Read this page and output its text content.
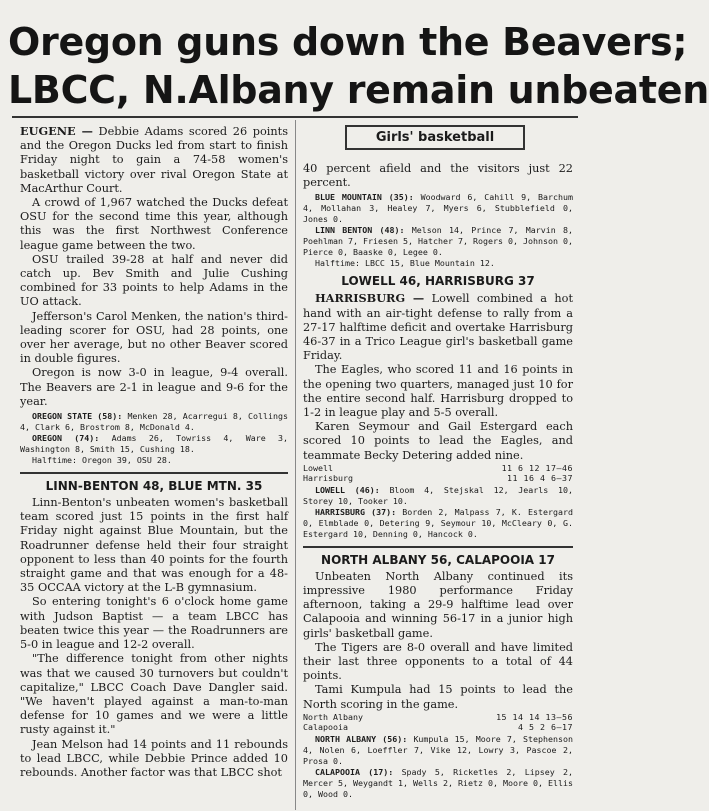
Oregon guns down the Beavers;
LBCC, N.Albany remain unbeaten
Girls' basketball

EUGENE — Debbie Adams scored 26 points and the Oregon Ducks led from start to finish Friday night to gain a 74-58 women's basketball victory over rival Oregon State at MacArthur Court.

A crowd of 1,967 watched the Ducks defeat OSU for the second time this year, although this was the first Northwest Conference league game between the two.

OSU trailed 39-28 at half and never did catch up. Bev Smith and Julie Cushing combined for 33 points to help Adams in the UO attack.

Jefferson's Carol Menken, the nation's third-leading scorer for OSU, had 28 points, one over her average, but no other Beaver scored in double figures.

Oregon is now 3-0 in league, 9-4 overall. The Beavers are 2-1 in league and 9-6 for the year.

OREGON STATE (58): Menken 28, Acarregui 8, Collings 4, Clark 6, Brostrom 8, McDonald 4.
OREGON (74): Adams 26, Towriss 4, Ware 3, Washington 8, Smith 15, Cushing 18.
Halftime: Oregon 39, OSU 28.
LINN-BENTON 48, BLUE MTN. 35

Linn-Benton's unbeaten women's basketball team scored just 15 points in the first half Friday night against Blue Mountain, but the Roadrunner defense held their four straight opponent to less than 40 points for the fourth straight game and that was enough for a 48-35 OCCAA victory at the L-B gymnasium.

So entering tonight's 6 o'clock home game with Judson Baptist — a team LBCC has beaten twice this year — the Roadrunners are 5-0 in league and 12-2 overall.

"The difference tonight from other nights was that we caused 30 turnovers but couldn't capitalize," LBCC Coach Dave Dangler said. "We haven't played against a man-to-man defense for 10 games and we were a little rusty against it."

Jean Melson had 14 points and 11 rebounds to lead LBCC, while Debbie Prince added 10 rebounds. Another factor was that LBCC shot

40 percent afield and the visitors just 22 percent.

BLUE MOUNTAIN (35): Woodward 6, Cahill 9, Barchum 4, Mollahan 3, Healey 7, Myers 6, Stubblefield 0, Jones 0.
LINN BENTON (48): Melson 14, Prince 7, Marvin 8, Poehlman 7, Friesen 5, Hatcher 7, Rogers 0, Johnson 0, Pierce 0, Baaske 0, Legee 0.
Halftime: LBCC 15, Blue Mountain 12.
LOWELL 46, HARRISBURG 37

HARRISBURG — Lowell combined a hot hand with an air-tight defense to rally from a 27-17 halftime deficit and overtake Harrisburg 46-37 in a Trico League girl's basketball game Friday.

The Eagles, who scored 11 and 16 points in the opening two quarters, managed just 10 for the entire second half. Harrisburg dropped to 1-2 in league play and 5-5 overall.

Karen Seymour and Gail Estergard each scored 10 points to lead the Eagles, and teammate Becky Detering added nine.

Lowell	11 6 12 17—46
Harrisburg	11 16 4 6—37
LOWELL (46): Bloom 4, Stejskal 12, Jearls 10, Storey 10, Tooker 10.
HARRISBURG (37): Borden 2, Malpass 7, K. Estergard 0, Elmblade 0, Detering 9, Seymour 10, McCleary 0, G. Estergard 10, Denning 0, Hancock 0.
NORTH ALBANY 56, CALAPOOIA 17

Unbeaten North Albany continued its impressive 1980 performance Friday afternoon, taking a 29-9 halftime lead over Calapooia and winning 56-17 in a junior high girls' basketball game.

The Tigers are 8-0 overall and have limited their last three opponents to a total of 44 points.

Tami Kumpula had 15 points to lead the North scoring in the game.

North Albany	15 14 14 13—56
Calapooia	4 5 2 6—17
NORTH ALBANY (56): Kumpula 15, Moore 7, Stephenson 4, Nolen 6, Loeffler 7, Vike 12, Lowry 3, Pascoe 2, Prosa 0.
CALAPOOIA (17): Spady 5, Ricketles 2, Lipsey 2, Mercer 5, Weygandt 1, Wells 2, Rietz 0, Moore 0, Ellis 0, Wood 0.
